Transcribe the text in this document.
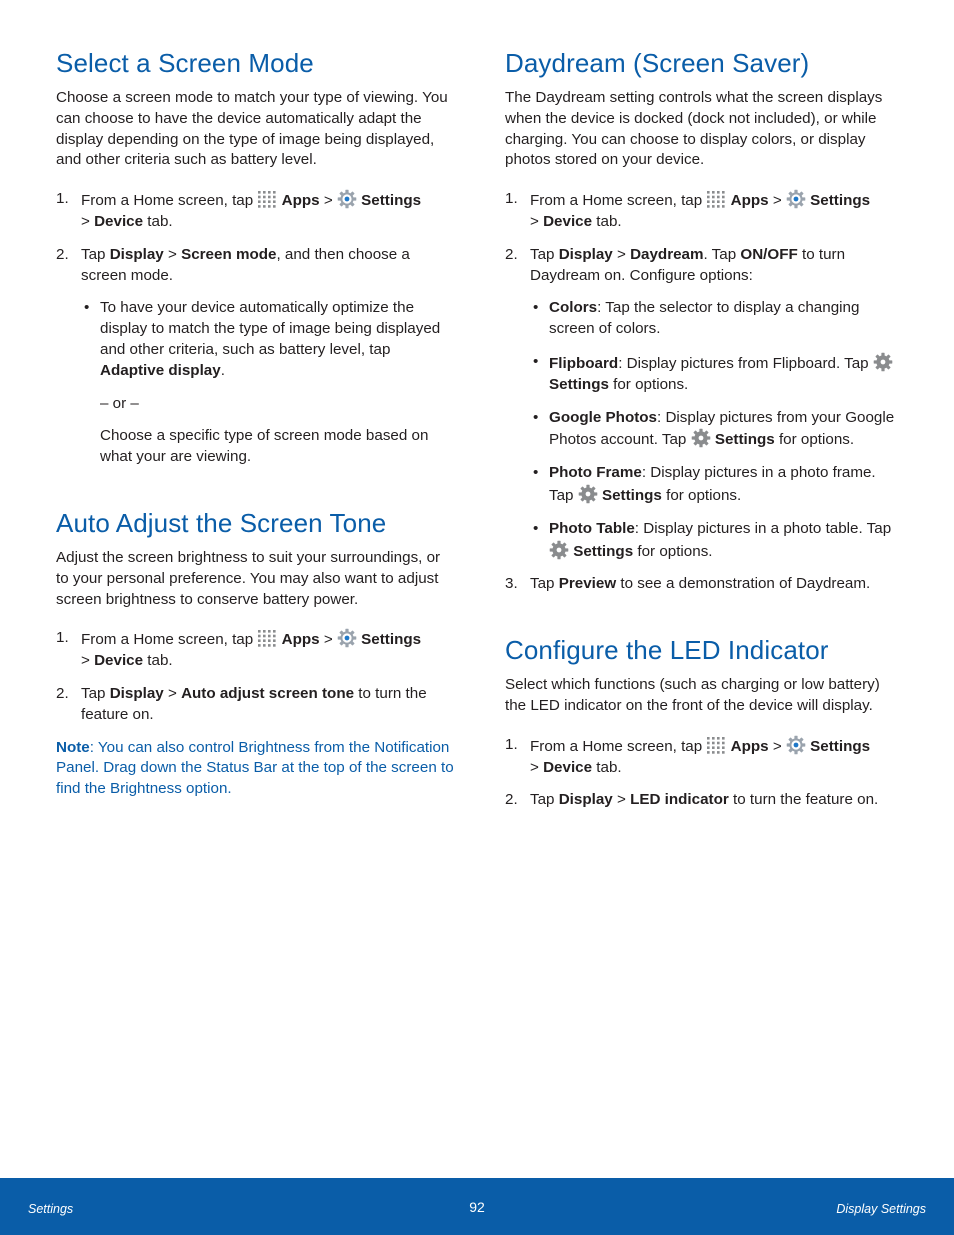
Select a Screen Mode

Choose a screen mode to match your type of viewing. You can choose to have the device automatically adapt the display depending on the type of image being displayed, and other criteria such as battery level.

1. From a Home screen, tap
Apps >
Settings
> Device tab.
2. Tap Display > Screen mode, and then choose a screen mode.
• To have your device automatically optimize the display to match the type of image being displayed and other criteria, such as battery level, tap Adaptive display.
– or –
Choose a specific type of screen mode based on what your are viewing.
Auto Adjust the Screen Tone

Adjust the screen brightness to suit your surroundings, or to your personal preference. You may also want to adjust screen brightness to conserve battery power.

1. From a Home screen, tap
Apps >
Settings
> Device tab.
2. Tap Display > Auto adjust screen tone to turn the feature on.

Note: You can also control Brightness from the Notification Panel. Drag down the Status Bar at the top of the screen to find the Brightness option.

Daydream (Screen Saver)

The Daydream setting controls what the screen displays when the device is docked (dock not included), or while charging. You can choose to display colors, or display photos stored on your device.

1. From a Home screen, tap
Apps >
Settings
> Device tab.
2. Tap Display > Daydream. Tap ON/OFF to turn Daydream on. Configure options:
• Colors: Tap the selector to display a changing screen of colors.
• Flipboard: Display pictures from Flipboard. Tap
Settings for options.
• Google Photos: Display pictures from your Google Photos account. Tap
Settings for options.
• Photo Frame: Display pictures in a photo frame. Tap
Settings for options.
• Photo Table: Display pictures in a photo table. Tap
Settings for options.
3. Tap Preview to see a demonstration of Daydream.
Configure the LED Indicator

Select which functions (such as charging or low battery) the LED indicator on the front of the device will display.

1. From a Home screen, tap
Apps >
Settings
> Device tab.
2. Tap Display > LED indicator to turn the feature on.
Settings	92	Display Settings
